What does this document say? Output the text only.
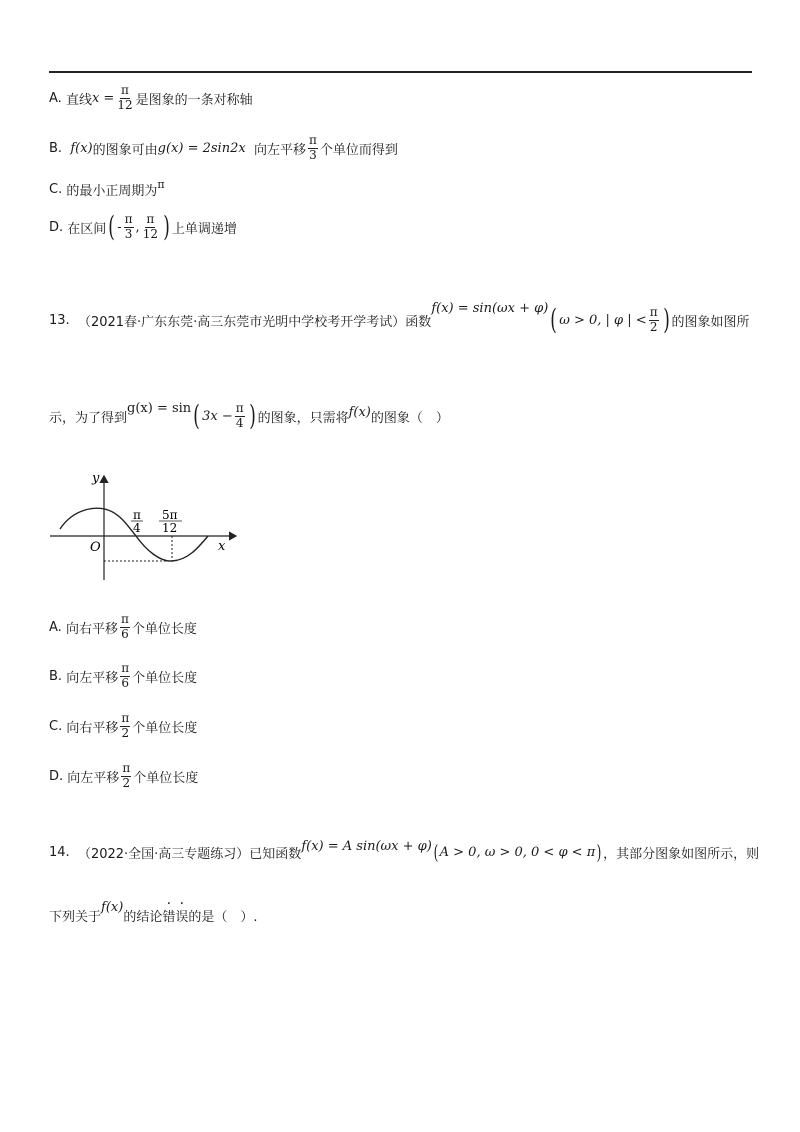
A.
直线 $x = \frac{\pi}{12}$ 是图象的一条对称轴
B.
f(x) 的图象可由 g(x) = 2sin2x
向左平移 $\frac{\pi}{3}$ 个单位而得到
C.
的最小正周期为 π
D.
在区间 ( - $\frac{\pi}{3}$ , $\frac{\pi}{12}$ ) 上单调递增
13.
（2021春·广东东莞·高三东莞市光明中学校考开学考试）函数
f(x) = sin(ωx + φ) ( ω > 0, | φ | < $\frac{\pi}{2}$ ) 的图象如图所
示，为了得到
g(x) = sin ( $3x - \frac{\pi}{4}$ ) 的图象，只需将 f(x) 的图象（　）
y
x
O
π
4
5π
12
A.
向右平移 $\frac{\pi}{6}$ 个单位长度
B.
向左平移 $\frac{\pi}{6}$ 个单位长度
C.
向右平移 $\frac{\pi}{2}$ 个单位长度
D.
向左平移 $\frac{\pi}{2}$ 个单位长度
14.
（2022·全国·高三专题练习）已知函数
f(x) = A sin(ωx + φ) ( A > 0, ω > 0, 0 < φ < π ) ，其部分图象如图所示，则
下列关于
f(x)
的结论 错 · 误 · 的是（　）.
